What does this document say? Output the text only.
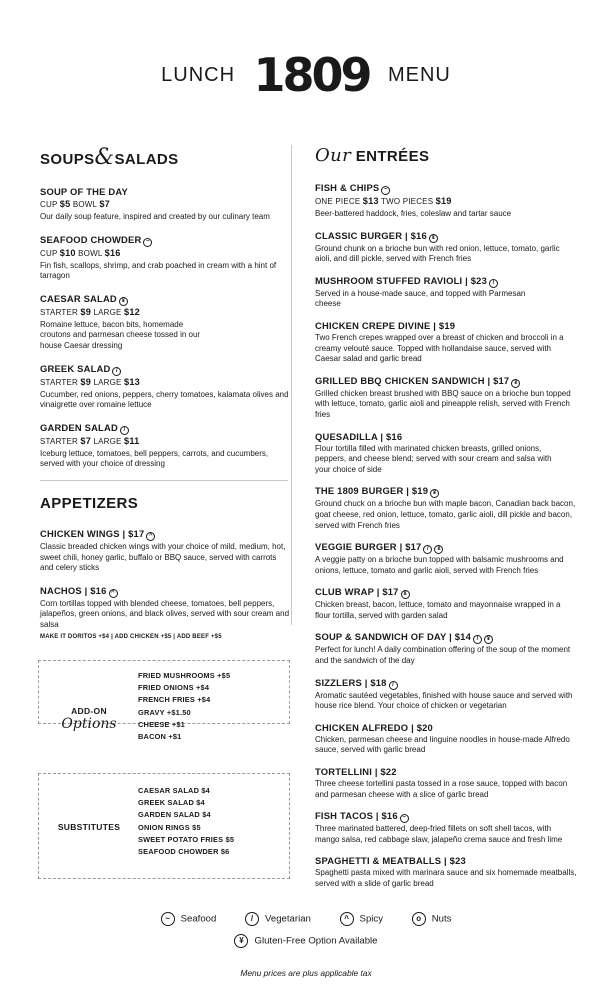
LUNCH 1809 MENU
SOUPS&SALADS
SOUP OF THE DAY
CUP $5 BOWL $7
Our daily soup feature, inspired and created by our culinary team
SEAFOOD CHOWDER ~
CUP $10 BOWL $16
Fin fish, scallops, shrimp, and crab poached in cream with a hint of tarragon
CAESAR SALAD ¥
STARTER $9 LARGE $12
Romaine lettuce, bacon bits, homemade croutons and parmesan cheese tossed in our house Caesar dressing
GREEK SALAD /
STARTER $9 LARGE $13
Cucumber, red onions, peppers, cherry tomatoes, kalamata olives and vinaigrette over romaine lettuce
GARDEN SALAD /
STARTER $7 LARGE $11
Iceburg lettuce, tomatoes, bell peppers, carrots, and cucumbers, served with your choice of dressing
APPETIZERS
CHICKEN WINGS | $17 ^
Classic breaded chicken wings with your choice of mild, medium, hot, sweet chili, honey garlic, buffalo or BBQ sauce, served with carrots and celery sticks
NACHOS | $16 ^
Corn tortillas topped with blended cheese, tomatoes, bell peppers, jalapeños, green onions, and black olives, served with sour cream and salsa
MAKE IT DORITOS +$4 | ADD CHICKEN +$5 | ADD BEEF +$5
ADD-ON
Options
FRIED MUSHROOMS +$5
FRIED ONIONS +$4
FRENCH FRIES +$4
GRAVY +$1.50
CHEESE +$1
BACON +$1
SUBSTITUTES
CAESAR SALAD $4
GREEK SALAD $4
GARDEN SALAD $4
ONION RINGS $5
SWEET POTATO FRIES $5
SEAFOOD CHOWDER $6
Our ENTRÉES
FISH & CHIPS ~
ONE PIECE $13 TWO PIECES $19
Beer-battered haddock, fries, coleslaw and tartar sauce
CLASSIC BURGER | $16 ¥
Ground chunk on a brioche bun with red onion, lettuce, tomato, garlic aioli, and dill pickle, served with French fries
MUSHROOM STUFFED RAVIOLI | $23 /
Served in a house-made sauce, and topped with Parmesan cheese
CHICKEN CREPE DIVINE | $19
Two French crepes wrapped over a breast of chicken and broccoli in a creamy velouté sauce. Topped with hollandaise sauce, served with Caesar salad and garlic bread
GRILLED BBQ CHICKEN SANDWICH | $17 ¥
Grilled chicken breast brushed with BBQ sauce on a brioche bun topped with lettuce, tomato, garlic aioli and pineapple relish, served with French fries
QUESADILLA | $16
Flour tortilla filled with marinated chicken breasts, grilled onions, peppers, and cheese blend; served with sour cream and salsa with your choice of side
THE 1809 BURGER | $19 ¥
Ground chuck on a brioche bun with maple bacon, Canadian back bacon, goat cheese, red onion, lettuce, tomato, garlic aioli, dill pickle and bacon, served with French fries
VEGGIE BURGER | $17 / ¥
A veggie patty on a brioche bun topped with balsamic mushrooms and onions, lettuce, tomato and garlic aioli, served with French fries
CLUB WRAP | $17 ¥
Chicken breast, bacon, lettuce, tomato and mayonnaise wrapped in a flour tortilla, served with garden salad
SOUP & SANDWICH OF DAY | $14 / ¥
Perfect for lunch! A daily combination offering of the soup of the moment and the sandwich of the day
SIZZLERS | $18 /
Aromatic sautéed vegetables, finished with house sauce and served with house rice blend. Your choice of chicken or vegetarian
CHICKEN ALFREDO | $20
Chicken, parmesan cheese and linguine noodles in house-made Alfredo sauce, served with garlic bread
TORTELLINI | $22
Three cheese tortellini pasta tossed in a rose sauce, topped with bacon and parmesan cheese with a slice of garlic bread
FISH TACOS | $16 ~
Three marinated battered, deep-fried fillets on soft shell tacos, with mango salsa, red cabbage slaw, jalapeño crema sauce and fresh lime
SPAGHETTI & MEATBALLS | $23
Spaghetti pasta mixed with marinara sauce and six homemade meatballs, served with a slide of garlic bread
~ Seafood	/ Vegetarian	^ Spicy	o Nuts
¥ Gluten-Free Option Available
Menu prices are plus applicable tax
